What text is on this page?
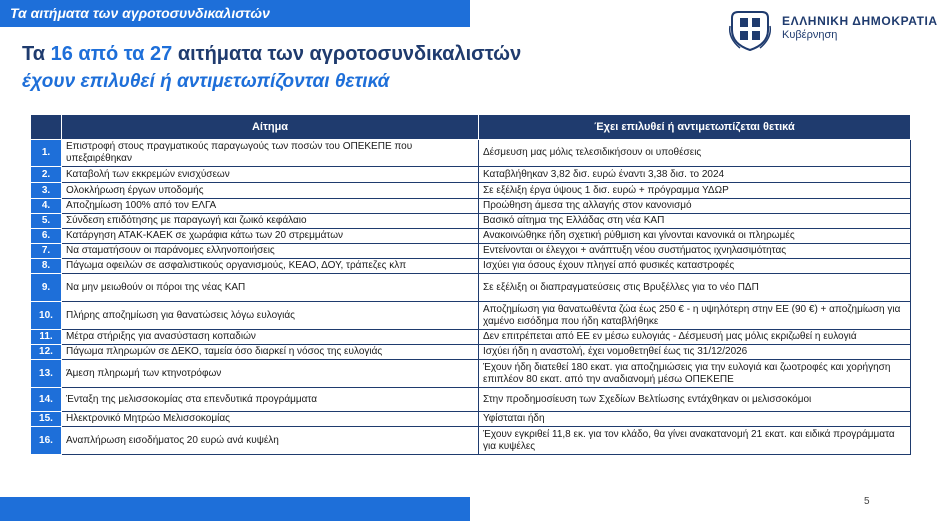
Τα αιτήματα των αγροτοσυνδικαλιστών	ΕΛΛΗΝΙΚΗ ΔΗΜΟΚΡΑΤΙΑ
Κυβέρνηση
Τα 16 από τα 27 αιτήματα των αγροτοσυνδικαλιστών
έχουν επιλυθεί ή αντιμετωπίζονται θετικά
	Αίτημα	Έχει επιλυθεί ή αντιμετωπίζεται θετικά
1.	Επιστροφή στους πραγματικούς παραγωγούς των ποσών του ΟΠΕΚΕΠΕ που υπεξαιρέθηκαν	Δέσμευση μας μόλις τελεσιδικήσουν οι υποθέσεις
2.	Καταβολή των εκκρεμών ενισχύσεων	Καταβλήθηκαν 3,82 δισ. ευρώ έναντι 3,38 δισ. το 2024
3.	Ολοκλήρωση έργων υποδομής	Σε εξέλιξη έργα ύψους 1 δισ. ευρώ + πρόγραμμα ΥΔΩΡ
4.	Αποζημίωση 100% από τον ΕΛΓΑ	Προώθηση άμεσα της αλλαγής στον κανονισμό
5.	Σύνδεση επιδότησης με παραγωγή και ζωικό κεφάλαιο	Βασικό αίτημα της Ελλάδας στη νέα ΚΑΠ
6.	Κατάργηση ΑΤΑΚ-ΚΑΕΚ σε χωράφια κάτω των 20 στρεμμάτων	Ανακοινώθηκε ήδη σχετική ρύθμιση και γίνονται κανονικά οι πληρωμές
7.	Να σταματήσουν οι παράνομες ελληνοποιήσεις	Εντείνονται οι έλεγχοι + ανάπτυξη νέου συστήματος ιχνηλασιμότητας
8.	Πάγωμα οφειλών σε ασφαλιστικούς οργανισμούς, ΚΕΑΟ, ΔΟΥ, τράπεζες κλπ	Ισχύει για όσους έχουν πληγεί από φυσικές καταστροφές
9.	Να μην μειωθούν οι πόροι της νέας ΚΑΠ	Σε εξέλιξη οι διαπραγματεύσεις στις Βρυξέλλες για το νέο ΠΔΠ
10.	Πλήρης αποζημίωση για θανατώσεις λόγω ευλογιάς	Αποζημίωση για θανατωθέντα ζώα έως 250 € - η υψηλότερη στην ΕΕ (90 €) + αποζημίωση για χαμένο εισόδημα που ήδη καταβλήθηκε
11.	Μέτρα στήριξης για ανασύσταση κοπαδιών	Δεν επιτρέπεται από ΕΕ εν μέσω ευλογιάς - Δέσμευσή μας μόλις εκριζωθεί η ευλογιά
12.	Πάγωμα πληρωμών σε ΔΕΚΟ, ταμεία όσο διαρκεί η νόσος της ευλογιάς	Ισχύει ήδη η αναστολή, έχει νομοθετηθεί έως τις 31/12/2026
13.	Άμεση πληρωμή των κτηνοτρόφων	Έχουν ήδη διατεθεί 180 εκατ. για αποζημιώσεις για την ευλογιά και ζωοτροφές και χορήγηση επιπλέον 80 εκατ. από την αναδιανομή μέσω ΟΠΕΚΕΠΕ
14.	Ένταξη της μελισσοκομίας στα επενδυτικά προγράμματα	Στην προδημοσίευση των Σχεδίων Βελτίωσης εντάχθηκαν οι μελισσοκόμοι
15.	Ηλεκτρονικό Μητρώο Μελισσοκομίας	Υφίσταται ήδη
16.	Αναπλήρωση εισοδήματος 20 ευρώ ανά κυψέλη	Έχουν εγκριθεί 11,8 εκ. για τον κλάδο, θα γίνει ανακατανομή 21 εκατ. και ειδικά προγράμματα για κυψέλες
5
